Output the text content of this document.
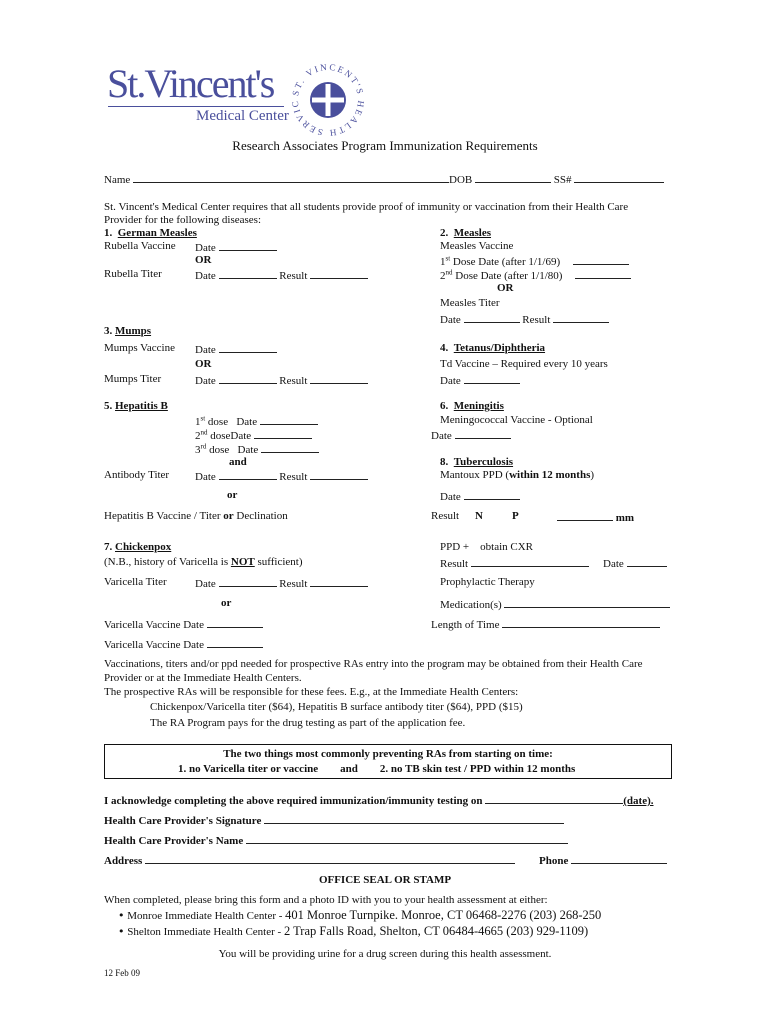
St.Vincent's
Medical Center
ST. VINCENT'S HEALTH SERVIC
Research Associates Program Immunization Requirements
Name	DOB	SS#
St. Vincent's Medical Center requires that all students provide proof of immunity or vaccination from their Health Care
Provider for the following diseases:
1. German Measles
Rubella Vaccine Date
OR
Rubella Titer	Date	Result
2. Measles
Measles Vaccine
1st Dose Date (after 1/1/69)
2nd Dose Date (after 1/1/80)
OR
Measles Titer
Date	Result
3. Mumps
Mumps Vaccine Date
OR
Mumps Titer	Date	Result
4. Tetanus/Diphtheria
Td Vaccine – Required every 10 years
Date
5. Hepatitis B
1st dose Date
2nd doseDate
3rd dose Date
and
Antibody Titer Date	Result
or
Hepatitis B Vaccine / Titer or Declination
6. Meningitis
Meningococcal Vaccine - Optional
Date
8. Tuberculosis
Mantoux PPD (within 12 months)
Date
Result N	P	mm
PPD + obtain CXR
Result	Date
Prophylactic Therapy
Medication(s)
Length of Time
7. Chickenpox
(N.B., history of Varicella is NOT sufficient)
Varicella Titer	Date	Result
or
Varicella Vaccine Date
Varicella Vaccine Date
Vaccinations, titers and/or ppd needed for prospective RAs entry into the program may be obtained from their Health Care
Provider or at the Immediate Health Centers.
The prospective RAs will be responsible for these fees. E.g., at the Immediate Health Centers:
Chickenpox/Varicella titer ($64), Hepatitis B surface antibody titer ($64), PPD ($15)
The RA Program pays for the drug testing as part of the application fee.
The two things most commonly preventing RAs from starting on time:
1. no Varicella titer or vaccine and 2. no TB skin test / PPD within 12 months
I acknowledge completing the above required immunization/immunity testing on	(date).
Health Care Provider's Signature
Health Care Provider's Name
Address	Phone
OFFICE SEAL OR STAMP
When completed, please bring this form and a photo ID with you to your health assessment at either:
• Monroe Immediate Health Center - 401 Monroe Turnpike. Monroe, CT 06468-2276 (203) 268-250
• Shelton Immediate Health Center - 2 Trap Falls Road, Shelton, CT 06484-4665 (203) 929-1109)
You will be providing urine for a drug screen during this health assessment.
12 Feb 09
